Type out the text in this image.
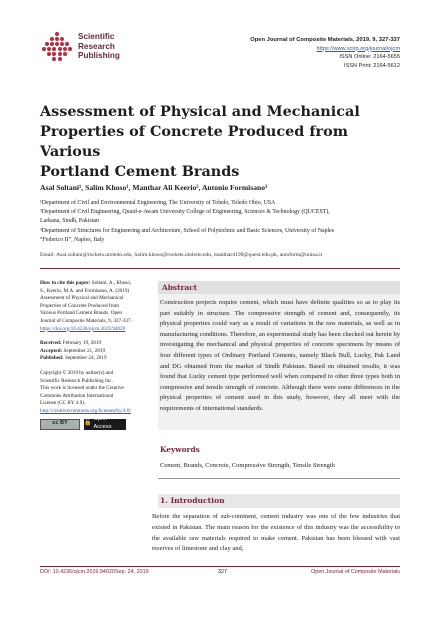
Scientific
Research
Publishing
Open Journal of Composite Materials, 2019, 9, 327-337
https://www.scirp.org/journal/ojcm
ISSN Online: 2164-5655
ISSN Print: 2164-5612
Assessment of Physical and Mechanical
Properties of Concrete Produced from Various
Portland Cement Brands
Asal Soltani¹, Salim Khoso¹, Manthar Ali Keerio², Antonio Formisano³
¹Department of Civil and Environmental Engineering, The University of Toledo, Toledo Ohio, USA
²Department of Civil Engineering, Quaid-e-Awam University College of Engineering, Sciences & Technology (QUCEST),
Larkana, Sindh, Pakistan
³Department of Structures for Engineering and Architecture, School of Polytechnic and Basic Sciences, University of Naples
“Federico II”, Naples, Italy
Email: Asal.soltani@rockets.utoledo.edu, Salim.khoso@rockets.utoledo.edu, manthar4199@quest.edu.pk, antoform@unina.it
How to cite this paper: Soltani, A., Khoso,
S., Keerio, M.A. and Formisano, A. (2019)
Assessment of Physical and Mechanical
Properties of Concrete Produced from
Various Portland Cement Brands. Open
Journal of Composite Materials, 9, 327-337.
https://doi.org/10.4236/ojcm.2019.94020
Received: February 19, 2019
Accepted: September 21, 2019
Published: September 24, 2019
Copyright © 2019 by author(s) and
Scientific Research Publishing Inc.
This work is licensed under the Creative
Commons Attribution International
License (CC BY 4.0).
http://creativecommons.org/licenses/by/4.0/
cc BY	🔓
Open Access
Abstract
Construction projects require cement, which must have definite qualities so as to play its part suitably in structure. The compressive strength of cement and, consequently, its physical properties could vary as a result of variations in the raw materials, as well as in manufacturing conditions. Therefore, an experimental study has been checked out herein by investigating the mechanical and physical properties of concrete specimens by means of four different types of Ordinary Portland Cements, namely Black Bull, Lucky, Pak Land and DG obtained from the market of Sindh Pakistan. Based on obtained results, it was found that Lucky cement type performed well when compared to other three types both in compressive and tensile strength of concrete. Although there were some differences in the physical properties of cement used in this study, however, they all meet with the requirements of international standards.
Keywords
Cement, Brands, Concrete, Compressive Strength, Tensile Strength
1. Introduction
Before the separation of sub-continent, cement industry was one of the few industries that existed in Pakistan. The main reason for the existence of this industry was the accessibility to the available raw materials required to make cement. Pakistan has been blessed with vast reserves of limestone and clay and,
DOI: 10.4236/ojcm.2019.94020 Sep. 24, 2019	327	Open Journal of Composite Materials
